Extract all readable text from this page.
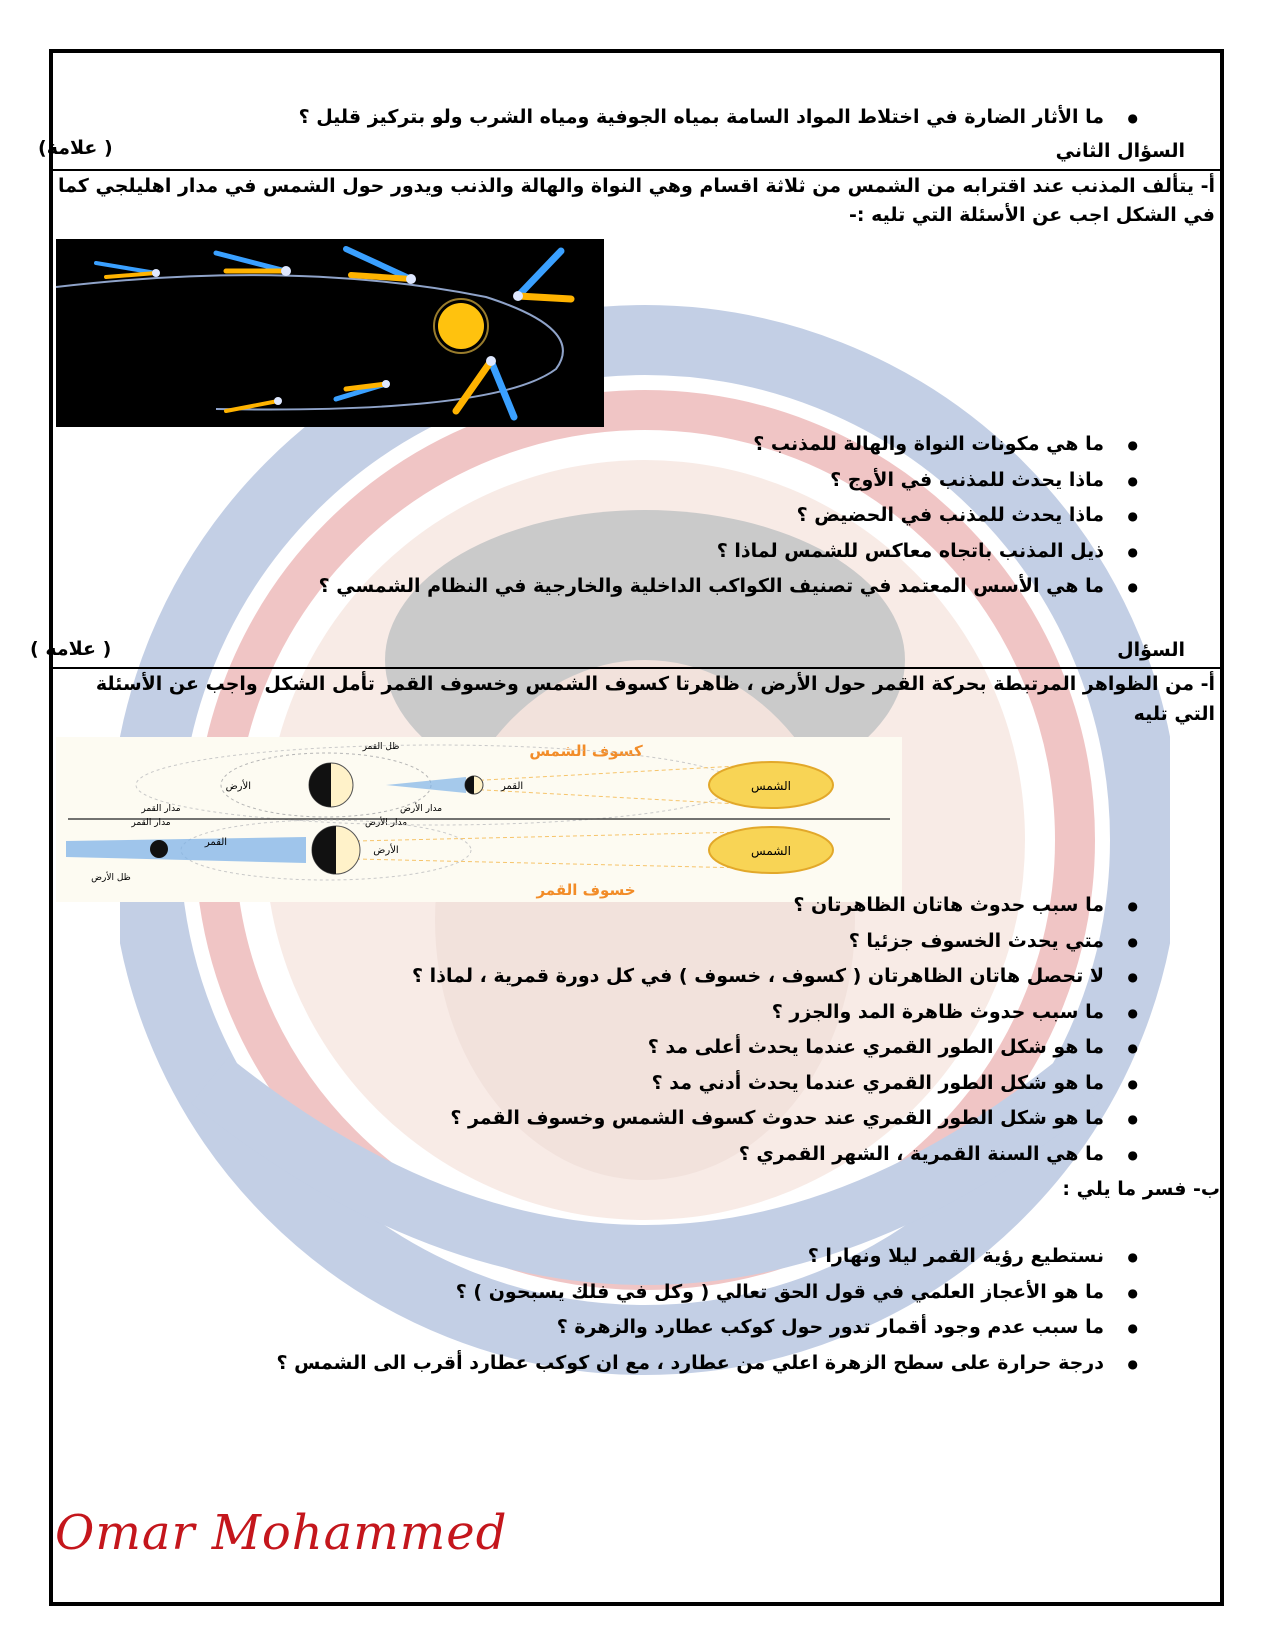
● ما الأثار الضارة في اختلاط المواد السامة بمياه الجوفية ومياه الشرب ولو بتركيز قليل ؟
السؤال الثاني
(علامة )
أ- يتألف المذنب عند اقترابه من الشمس من ثلاثة اقسام وهي النواة والهالة والذنب ويدور حول الشمس في مدار اهليلجي كما
في الشكل اجب عن الأسئلة التي تليه :-
● ما هي مكونات النواة والهالة للمذنب ؟
● ماذا يحدث للمذنب في الأوج ؟
● ماذا يحدث للمذنب في الحضيض ؟
● ذيل المذنب باتجاه معاكس للشمس لماذا ؟
● ما هي الأسس المعتمد في تصنيف الكواكب الداخلية والخارجية في النظام الشمسي ؟
السؤال
( علامة )
أ- من الظواهر المرتبطة بحركة القمر حول الأرض ، ظاهرتا كسوف الشمس وخسوف القمر تأمل الشكل واجب عن الأسئلة
التي تليه
كسوف الشمس
الشمس
الأرض	القمر
ظل القمر
مدار القمر	مدار الأرض
مدار الأرض
مدار القمر
الشمس
القمر
الأرض
ظل الأرض
خسوف القمر
● ما سبب حدوث هاتان الظاهرتان ؟
● متي يحدث الخسوف جزئيا ؟
● لا تحصل هاتان الظاهرتان ( كسوف ، خسوف ) في كل دورة قمرية ، لماذا ؟
● ما سبب حدوث ظاهرة المد والجزر ؟
● ما هو شكل الطور القمري عندما يحدث أعلى مد ؟
● ما هو شكل الطور القمري عندما يحدث أدني مد ؟
● ما هو شكل الطور القمري عند حدوث كسوف الشمس وخسوف القمر ؟
● ما هي السنة القمرية ، الشهر القمري ؟
ب- فسر ما يلي :
● نستطيع رؤية القمر ليلا ونهارا ؟
● ما هو الأعجاز العلمي في قول الحق تعالي ( وكل في فلك يسبحون ) ؟
● ما سبب عدم وجود أقمار تدور حول كوكب عطارد والزهرة ؟
● درجة حرارة على سطح الزهرة اعلي من عطارد ، مع ان كوكب عطارد أقرب الى الشمس ؟
Omar Mohammed
